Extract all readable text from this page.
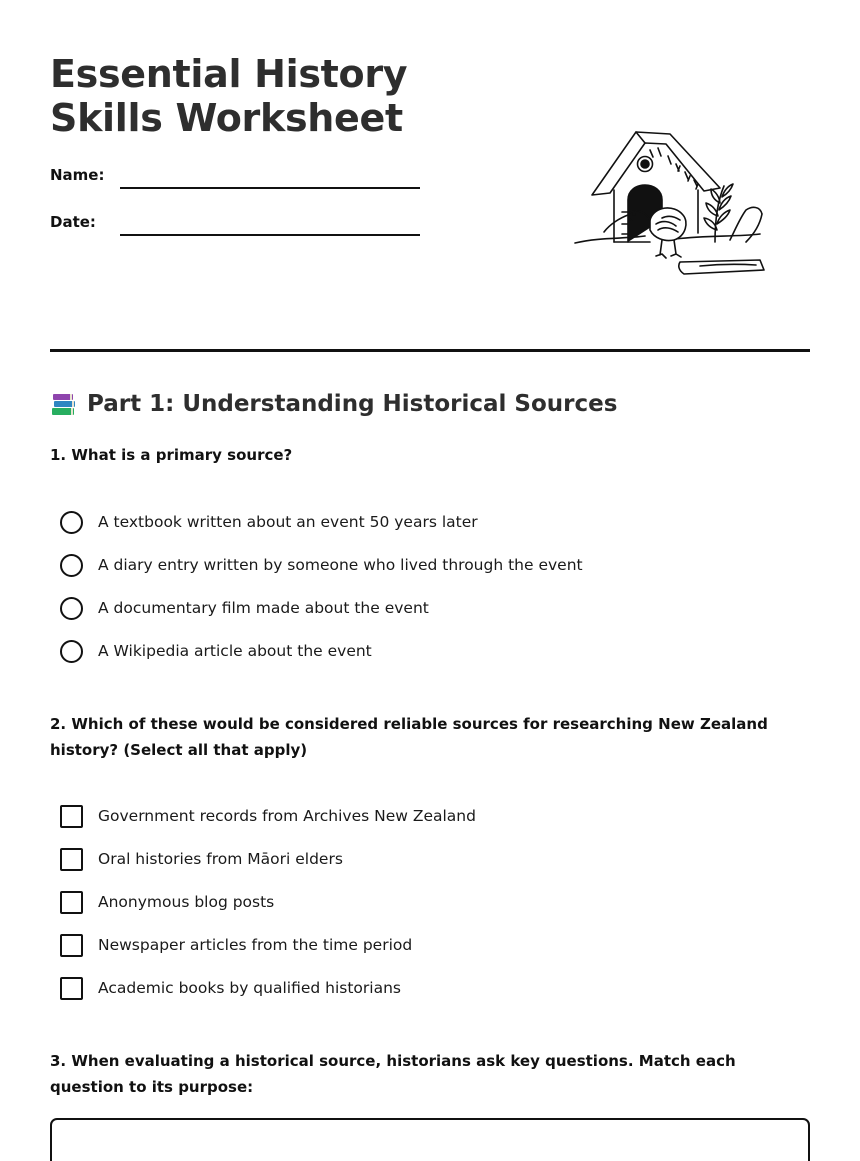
Essential History Skills Worksheet
Name:
Date:
Part 1: Understanding Historical Sources
1. What is a primary source?
A textbook written about an event 50 years later
A diary entry written by someone who lived through the event
A documentary film made about the event
A Wikipedia article about the event
2. Which of these would be considered reliable sources for researching New Zealand history? (Select all that apply)
Government records from Archives New Zealand
Oral histories from Māori elders
Anonymous blog posts
Newspaper articles from the time period
Academic books by qualified historians
3. When evaluating a historical source, historians ask key questions. Match each question to its purpose:
